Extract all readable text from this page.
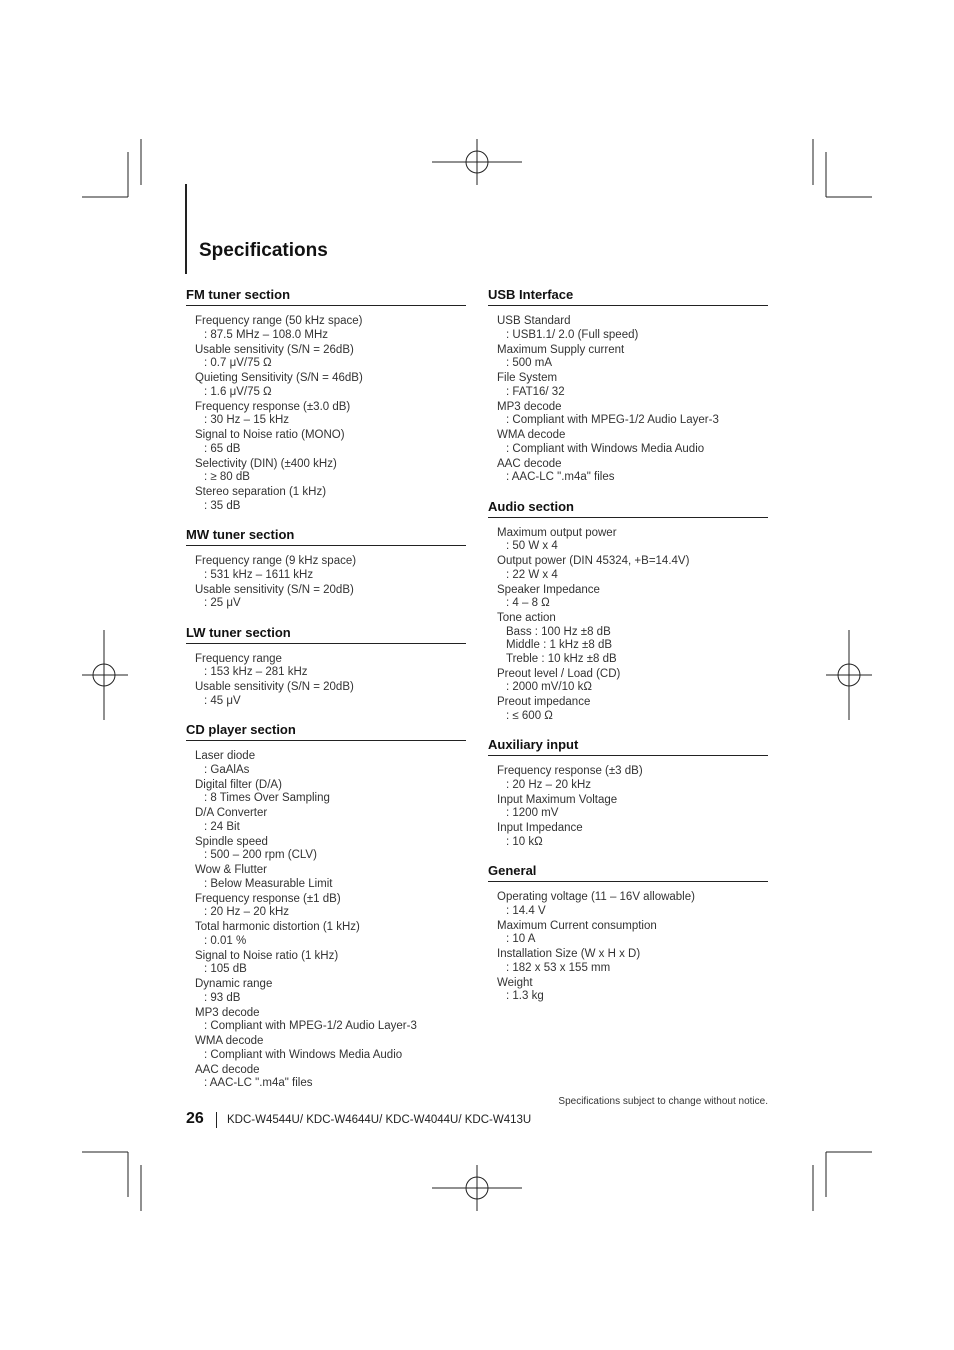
Specifications
FM tuner section
Frequency range (50 kHz space)
: 87.5 MHz – 108.0 MHz
Usable sensitivity (S/N = 26dB)
: 0.7 μV/75 Ω
Quieting Sensitivity (S/N = 46dB)
: 1.6 μV/75 Ω
Frequency response (±3.0 dB)
: 30 Hz – 15 kHz
Signal to Noise ratio (MONO)
: 65 dB
Selectivity (DIN) (±400 kHz)
: ≥ 80 dB
Stereo separation (1 kHz)
: 35 dB
MW tuner section
Frequency range (9 kHz space)
: 531 kHz – 1611 kHz
Usable sensitivity (S/N = 20dB)
: 25 μV
LW tuner section
Frequency range
: 153 kHz – 281 kHz
Usable sensitivity (S/N = 20dB)
: 45 μV
CD player section
Laser diode
: GaAlAs
Digital filter (D/A)
: 8 Times Over Sampling
D/A Converter
: 24 Bit
Spindle speed
: 500 – 200 rpm (CLV)
Wow & Flutter
: Below Measurable Limit
Frequency response (±1 dB)
: 20 Hz – 20 kHz
Total harmonic distortion (1 kHz)
: 0.01 %
Signal to Noise ratio (1 kHz)
: 105 dB
Dynamic range
: 93 dB
MP3 decode
: Compliant with MPEG-1/2 Audio Layer-3
WMA decode
: Compliant with Windows Media Audio
AAC decode
: AAC-LC ".m4a" files
USB Interface
USB Standard
: USB1.1/ 2.0 (Full speed)
Maximum Supply current
: 500 mA
File System
: FAT16/ 32
MP3 decode
: Compliant with MPEG-1/2 Audio Layer-3
WMA decode
: Compliant with Windows Media Audio
AAC decode
: AAC-LC ".m4a" files
Audio section
Maximum output power
: 50 W x 4
Output power (DIN 45324, +B=14.4V)
: 22 W x 4
Speaker Impedance
: 4 – 8 Ω
Tone action
Bass : 100 Hz ±8 dB
Middle : 1 kHz ±8 dB
Treble : 10 kHz ±8 dB
Preout level / Load (CD)
: 2000 mV/10 kΩ
Preout impedance
: ≤ 600 Ω
Auxiliary input
Frequency response (±3 dB)
: 20 Hz – 20 kHz
Input Maximum Voltage
: 1200 mV
Input Impedance
: 10 kΩ
General
Operating voltage (11 – 16V allowable)
: 14.4 V
Maximum Current consumption
: 10 A
Installation Size (W x H x D)
: 182 x 53 x 155 mm
Weight
: 1.3 kg
Specifications subject to change without notice.
26 KDC-W4544U/ KDC-W4644U/ KDC-W4044U/ KDC-W413U
